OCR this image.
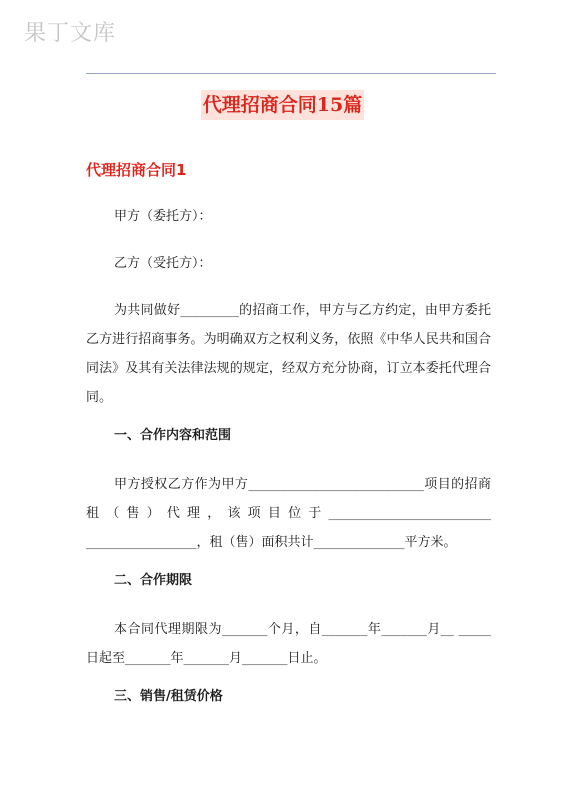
果丁文库
代理招商合同15篇
代理招商合同1

甲方（委托方）：

乙方（受托方）：

为共同做好_________的招商工作，甲方与乙方约定，由甲方委托乙方进行招商事务。为明确双方之权利义务，依照《中华人民共和国合同法》及其有关法律法规的规定，经双方充分协商，订立本委托代理合同。

一、合作内容和范围

甲方授权乙方作为甲方___________________________项目的招商租（售）代理，该项目位于_________________________ _________________，租（售）面积共计______________平方米。

二、合作期限

本合同代理期限为_______个月，自_______年_______月__ _____日起至_______年_______月_______日止。

三、销售/租赁价格
